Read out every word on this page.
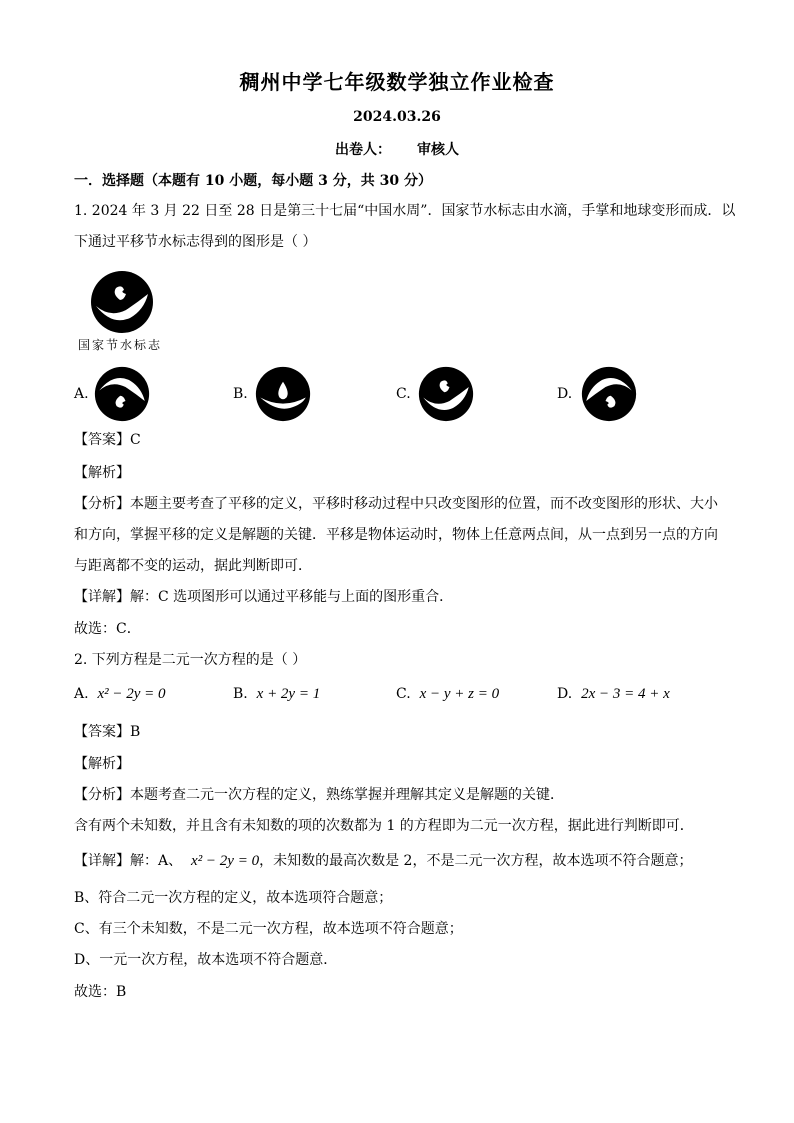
稠州中学七年级数学独立作业检查
2024.03.26
出卷人： 审核人
一．选择题（本题有 10 小题，每小题 3 分，共 30 分）
1. 2024 年 3 月 22 日至 28 日是第三十七届“中国水周”．国家节水标志由水滴，手掌和地球变形而成．以
下通过平移节水标志得到的图形是（ ）
国家节水标志
A.	B.	C.	D.
【答案】C
【解析】
【分析】本题主要考查了平移的定义，平移时移动过程中只改变图形的位置，而不改变图形的形状、大小
和方向，掌握平移的定义是解题的关键．平移是物体运动时，物体上任意两点间，从一点到另一点的方向
与距离都不变的运动，据此判断即可．
【详解】解：C 选项图形可以通过平移能与上面的图形重合．
故选：C．
2. 下列方程是二元一次方程的是（ ）
A. x² − 2y = 0	B. x + 2y = 1	C. x − y + z = 0	D. 2x − 3 = 4 + x
【答案】B
【解析】
【分析】本题考查二元一次方程的定义，熟练掌握并理解其定义是解题的关键．
含有两个未知数，并且含有未知数的项的次数都为 1 的方程即为二元一次方程，据此进行判断即可．
【详解】解：A、 x² − 2y = 0，未知数的最高次数是 2，不是二元一次方程，故本选项不符合题意；
B、符合二元一次方程的定义，故本选项符合题意；
C、有三个未知数，不是二元一次方程，故本选项不符合题意；
D、一元一次方程，故本选项不符合题意．
故选：B
